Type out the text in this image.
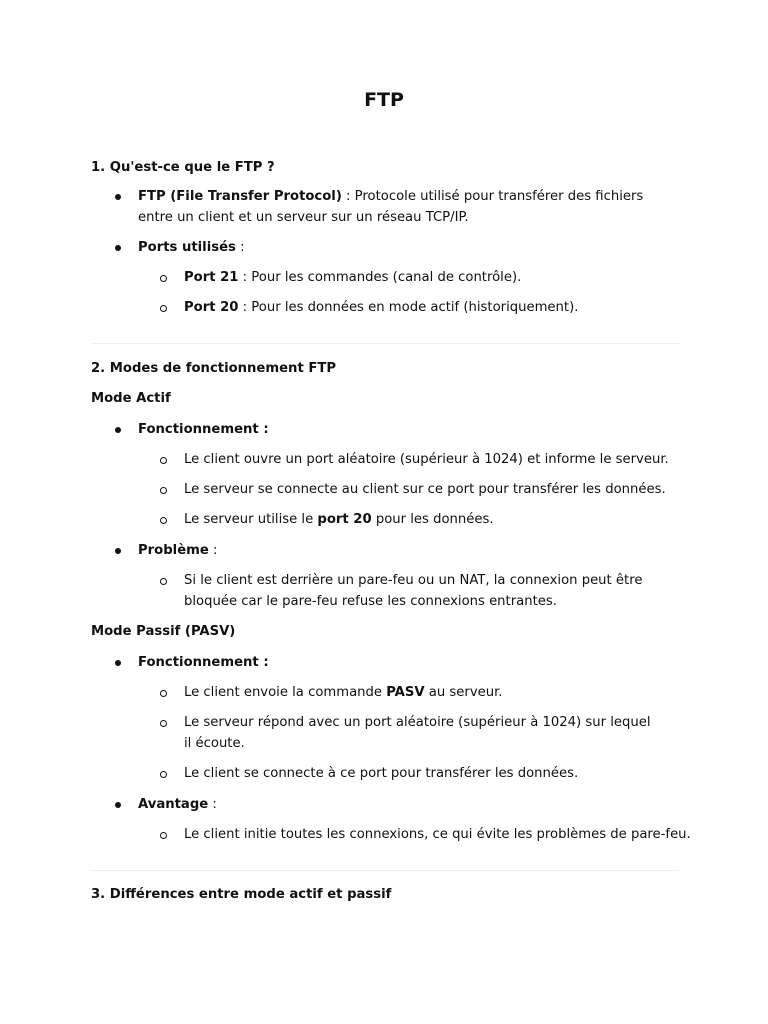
FTP
1. Qu'est-ce que le FTP ?
FTP (File Transfer Protocol) : Protocole utilisé pour transférer des fichiers entre un client et un serveur sur un réseau TCP/IP.
Ports utilisés :
Port 21 : Pour les commandes (canal de contrôle).
Port 20 : Pour les données en mode actif (historiquement).
2. Modes de fonctionnement FTP
Mode Actif
Fonctionnement :
Le client ouvre un port aléatoire (supérieur à 1024) et informe le serveur.
Le serveur se connecte au client sur ce port pour transférer les données.
Le serveur utilise le port 20 pour les données.
Problème :
Si le client est derrière un pare-feu ou un NAT, la connexion peut être bloquée car le pare-feu refuse les connexions entrantes.
Mode Passif (PASV)
Fonctionnement :
Le client envoie la commande PASV au serveur.
Le serveur répond avec un port aléatoire (supérieur à 1024) sur lequel il écoute.
Le client se connecte à ce port pour transférer les données.
Avantage :
Le client initie toutes les connexions, ce qui évite les problèmes de pare-feu.
3. Différences entre mode actif et passif
